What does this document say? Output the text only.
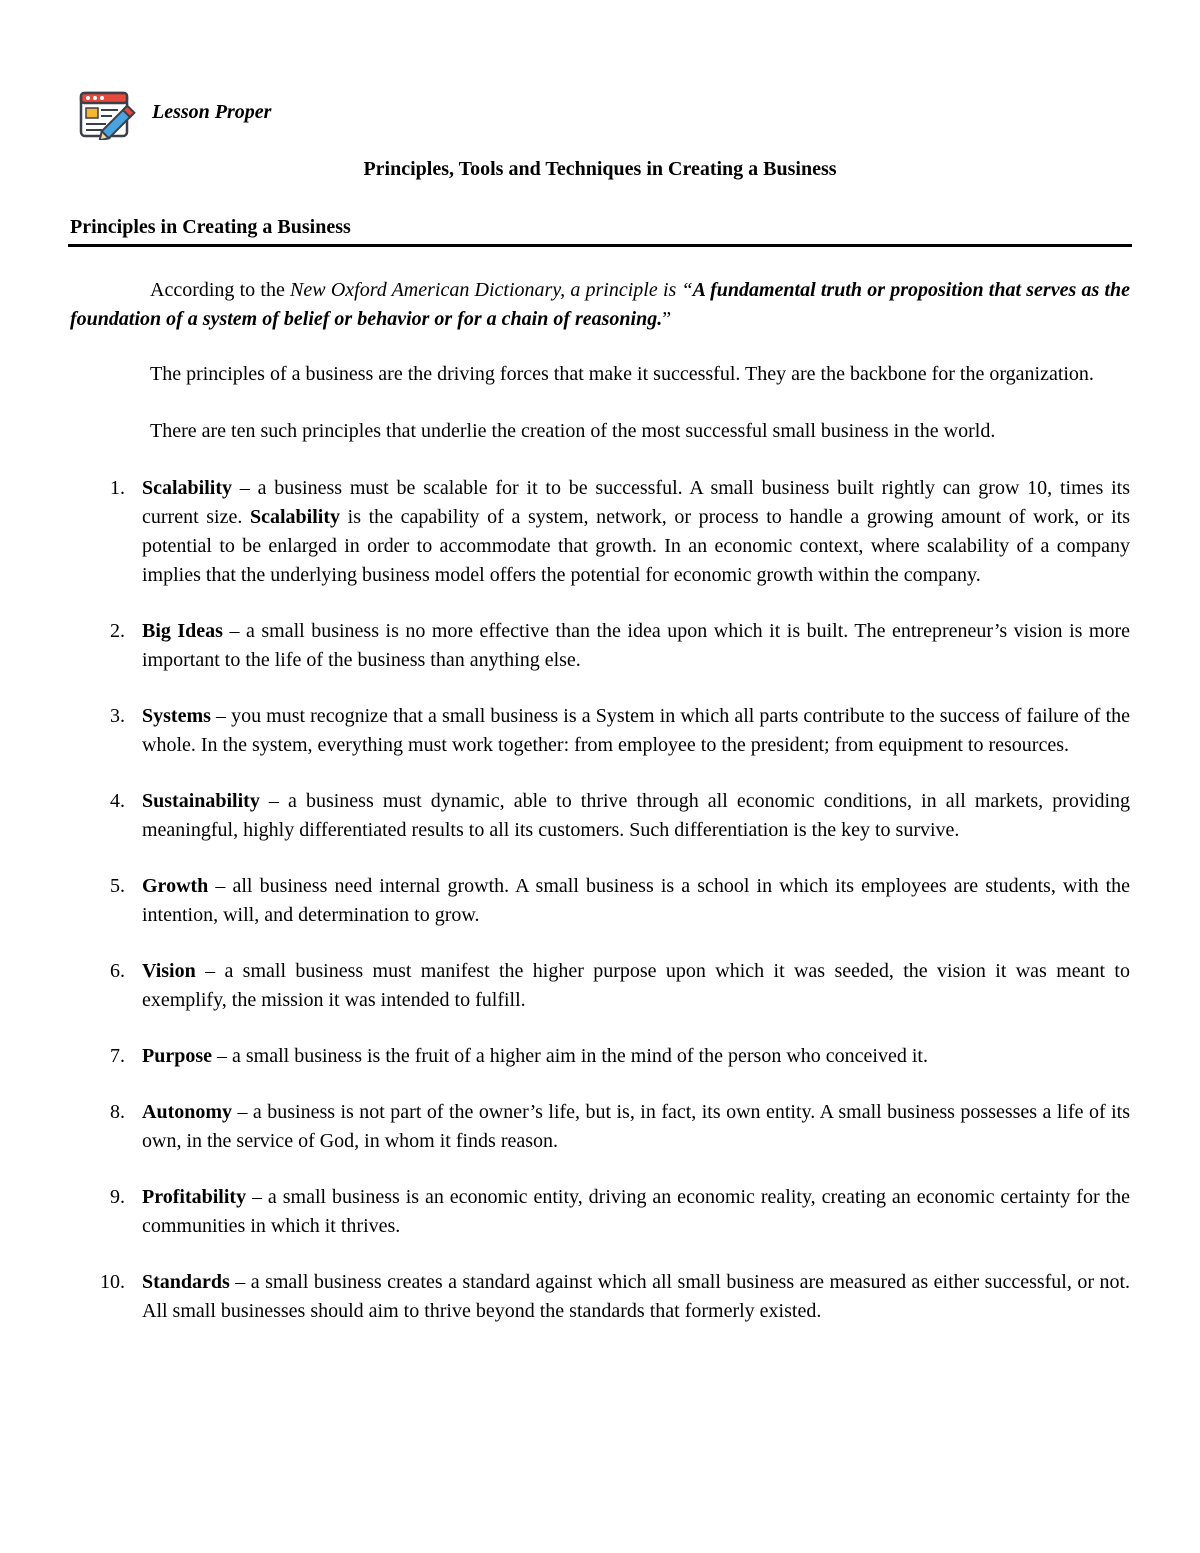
Lesson Proper
Principles, Tools and Techniques in Creating a Business
Principles in Creating a Business

According to the New Oxford American Dictionary, a principle is “A fundamental truth or proposition that serves as the foundation of a system of belief or behavior or for a chain of reasoning.”

The principles of a business are the driving forces that make it successful. They are the backbone for the organization.

There are ten such principles that underlie the creation of the most successful small business in the world.

1. Scalability – a business must be scalable for it to be successful. A small business built rightly can grow 10, times its current size. Scalability is the capability of a system, network, or process to handle a growing amount of work, or its potential to be enlarged in order to accommodate that growth. In an economic context, where scalability of a company implies that the underlying business model offers the potential for economic growth within the company.
2. Big Ideas – a small business is no more effective than the idea upon which it is built. The entrepreneur’s vision is more important to the life of the business than anything else.
3. Systems – you must recognize that a small business is a System in which all parts contribute to the success of failure of the whole. In the system, everything must work together: from employee to the president; from equipment to resources.
4. Sustainability – a business must dynamic, able to thrive through all economic conditions, in all markets, providing meaningful, highly differentiated results to all its customers. Such differentiation is the key to survive.
5. Growth – all business need internal growth. A small business is a school in which its employees are students, with the intention, will, and determination to grow.
6. Vision – a small business must manifest the higher purpose upon which it was seeded, the vision it was meant to exemplify, the mission it was intended to fulfill.
7. Purpose – a small business is the fruit of a higher aim in the mind of the person who conceived it.
8. Autonomy – a business is not part of the owner’s life, but is, in fact, its own entity. A small business possesses a life of its own, in the service of God, in whom it finds reason.
9. Profitability – a small business is an economic entity, driving an economic reality, creating an economic certainty for the communities in which it thrives.
10. Standards – a small business creates a standard against which all small business are measured as either successful, or not. All small businesses should aim to thrive beyond the standards that formerly existed.
